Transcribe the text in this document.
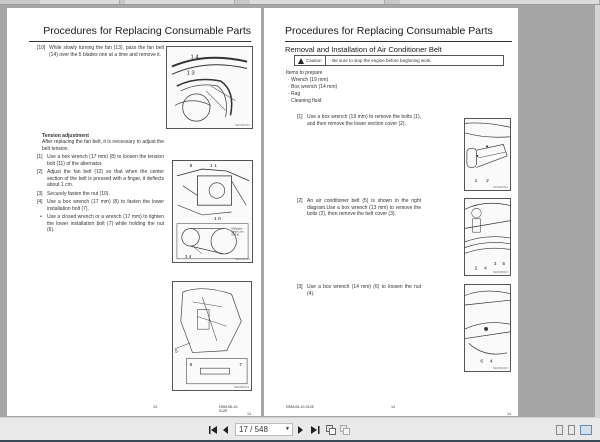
Procedures for Replacing Consumable Parts
[10] While slowly turning the fan (13), pass the fan belt (14) over the 5 blades one at a time and remove it.
1 4
1 3
NE0034/01
Tension adjustment
After replacing the fan belt, it is necessary to adjust the belt tension.
[1] Use a box wrench (17 mm) (8) to loosen the tension bolt (11) of the alternator.
[2] Adjust the fan belt (12) so that when the center section of the belt is pressed with a finger, it deflects about 1 cm.
[3] Securely fasten the nut (10).
[4] Use a box wrench (17 mm) (8) to fasten the lower installation bolt (7).
•	Use a closed wrench or a wrench (17 mm) to tighten the lower installation bolt (7) while holding the nut (6).
8	1 1
1 0
1 4
Deflection
about 1 cm
(0.4 in)
NE0035/01
5
6	7
NE0036/01
13	NSM-06-10-012E
13
Procedures for Replacing Consumable Parts
Removal and Installation of Air Conditioner Belt
Caution	· Be sure to stop the engine before beginning work.
Items to prepare
· Wrench (19 mm)
· Box wrench (14 mm)
· Rag
· Cleaning fluid
[1] Use a box wrench (19 mm) to remove the bolts (1), and then remove the lower section cover (2).
[2] An air conditioner belt (5) is shown in the right diagram.Use a box wrench (13 mm) to remove the bolts (2), then remove the belt cover (3).
[3] Use a box wrench (14 mm) (6) to loosen the nut (4).
1 2
NF0034/01
2 4
3 5
NE0035/07
6 4
NE0036/07
NSM-06-10-012E	14
14
17 / 548	▼
